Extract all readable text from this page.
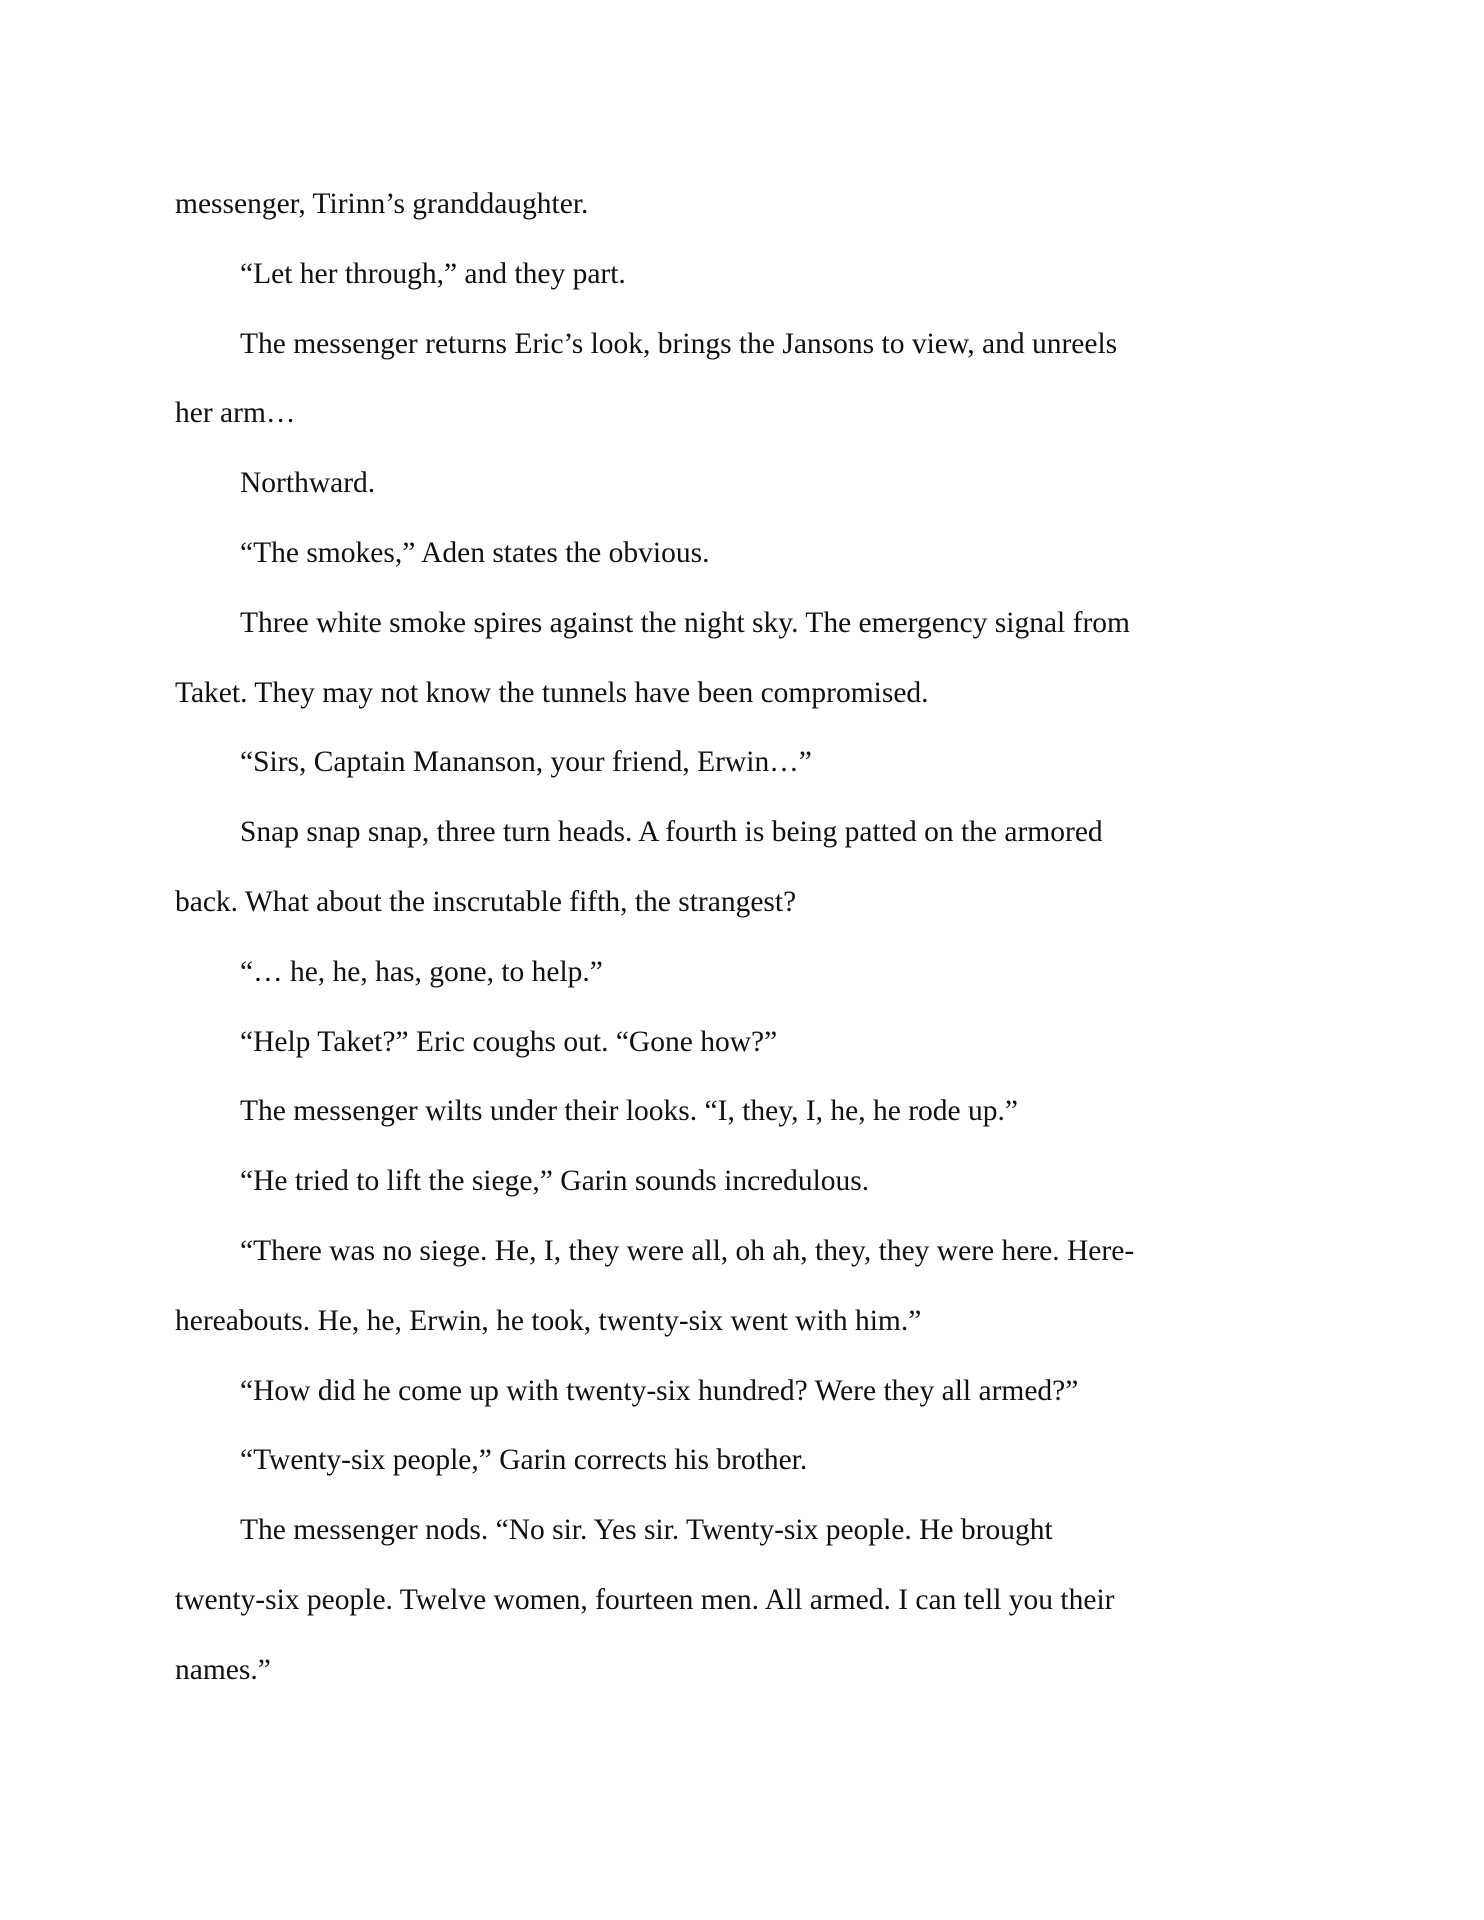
messenger, Tirinn’s granddaughter.
“Let her through,” and they part.
The messenger returns Eric’s look, brings the Jansons to view, and unreels
her arm…
Northward.
“The smokes,” Aden states the obvious.
Three white smoke spires against the night sky. The emergency signal from
Taket. They may not know the tunnels have been compromised.
“Sirs, Captain Mananson, your friend, Erwin…”
Snap snap snap, three turn heads. A fourth is being patted on the armored
back. What about the inscrutable fifth, the strangest?
“… he, he, has, gone, to help.”
“Help Taket?” Eric coughs out. “Gone how?”
The messenger wilts under their looks. “I, they, I, he, he rode up.”
“He tried to lift the siege,” Garin sounds incredulous.
“There was no siege. He, I, they were all, oh ah, they, they were here. Here-
hereabouts. He, he, Erwin, he took, twenty-six went with him.”
“How did he come up with twenty-six hundred? Were they all armed?”
“Twenty-six people,” Garin corrects his brother.
The messenger nods. “No sir. Yes sir. Twenty-six people. He brought
twenty-six people. Twelve women, fourteen men. All armed. I can tell you their
names.”
